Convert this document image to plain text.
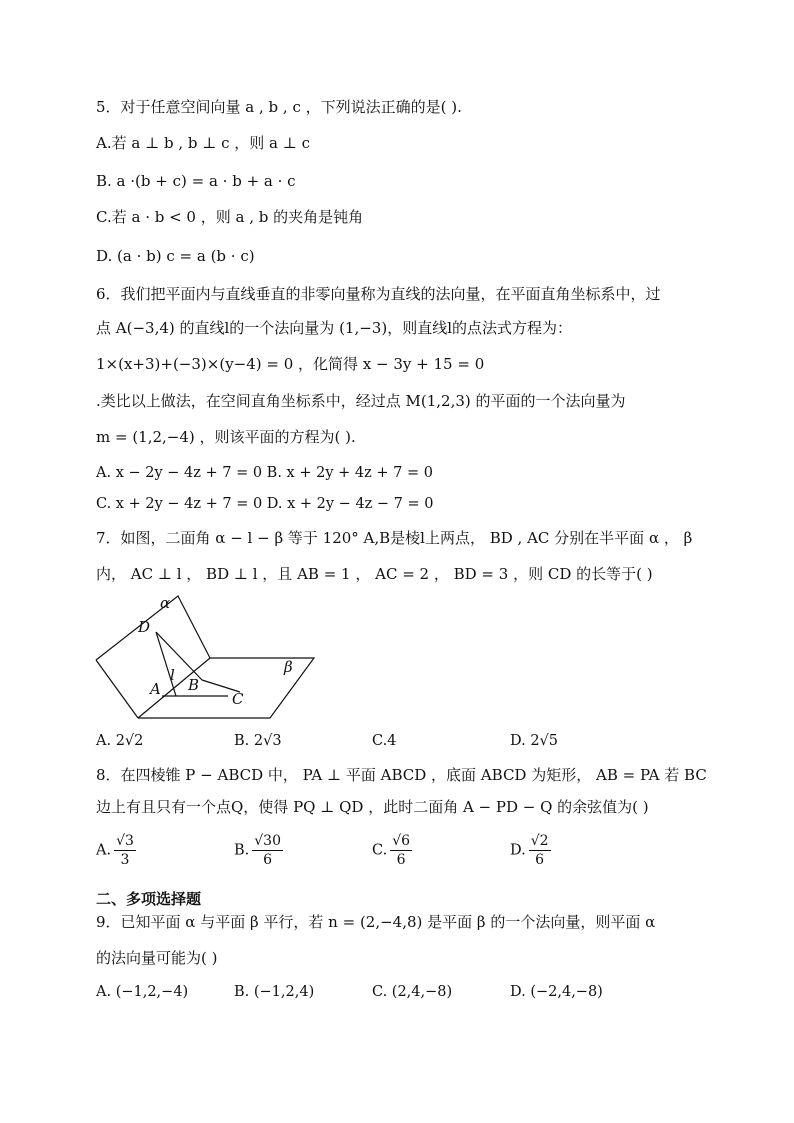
5．对于任意空间向量 a , b , c ，下列说法正确的是( ).
A.若 a ⊥ b , b ⊥ c ，则 a ⊥ c
B. a ·(b + c) = a · b + a · c
C.若 a · b < 0 ，则 a , b 的夹角是钝角
D. (a · b) c = a (b · c)
6．我们把平面内与直线垂直的非零向量称为直线的法向量，在平面直角坐标系中，过
点 A(−3,4) 的直线l的一个法向量为 (1,−3)，则直线l的点法式方程为：
1×(x+3)+(−3)×(y−4) = 0 ，化简得 x − 3y + 15 = 0
.类比以上做法，在空间直角坐标系中，经过点 M(1,2,3) 的平面的一个法向量为
m = (1,2,−4) ，则该平面的方程为( ).
A. x − 2y − 4z + 7 = 0 B. x + 2y + 4z + 7 = 0
C. x + 2y − 4z + 7 = 0 D. x + 2y − 4z − 7 = 0
7．如图，二面角 α − l − β 等于 120° A,B是棱l上两点， BD , AC 分别在半平面 α ， β
内， AC ⊥ l ， BD ⊥ l ，且 AB = 1 ， AC = 2 ， BD = 3 ，则 CD 的长等于( )
α
β
D
A
l
B
C
A. 2√2	B. 2√3	C.4	D. 2√5
8．在四棱锥 P − ABCD 中， PA ⊥ 平面 ABCD ，底面 ABCD 为矩形， AB = PA 若 BC
边上有且只有一个点Q，使得 PQ ⊥ QD ，此时二面角 A − PD − Q 的余弦值为( )
A. $\frac{√3}{3}$	B. $\frac{√30}{6}$	C. $\frac{√6}{6}$	D. $\frac{√2}{6}$
二、多项选择题
9．已知平面 α 与平面 β 平行，若 n = (2,−4,8) 是平面 β 的一个法向量，则平面 α
的法向量可能为( )
A. (−1,2,−4)	B. (−1,2,4)	C. (2,4,−8)	D. (−2,4,−8)
